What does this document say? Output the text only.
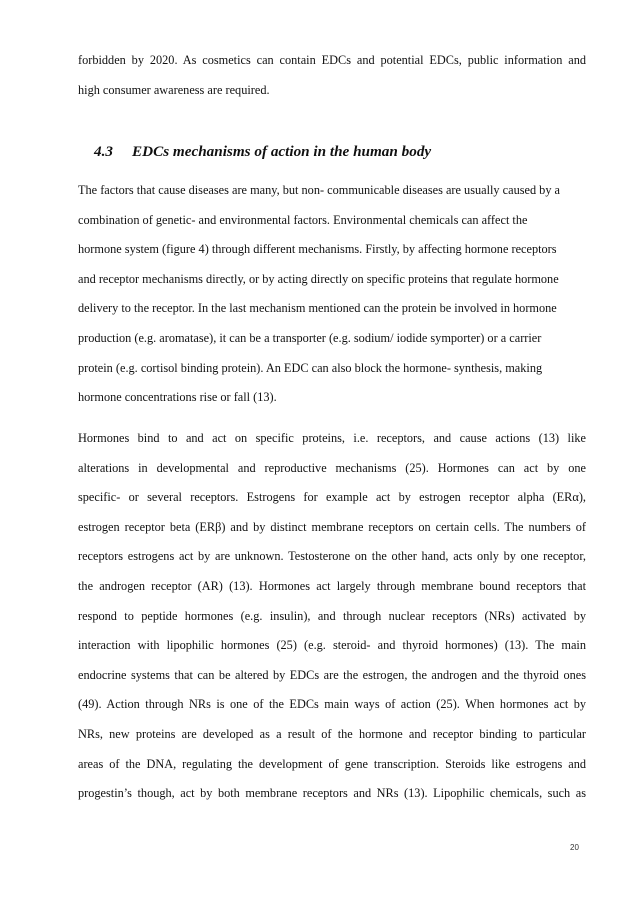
forbidden by 2020. As cosmetics can contain EDCs and potential EDCs, public information and
high consumer awareness are required.
4.3 EDCs mechanisms of action in the human body
The factors that cause diseases are many, but non- communicable diseases are usually caused by a
combination of genetic- and environmental factors. Environmental chemicals can affect the
hormone system (figure 4) through different mechanisms. Firstly, by affecting hormone receptors
and receptor mechanisms directly, or by acting directly on specific proteins that regulate hormone
delivery to the receptor. In the last mechanism mentioned can the protein be involved in hormone
production (e.g. aromatase), it can be a transporter (e.g. sodium/ iodide symporter) or a carrier
protein (e.g. cortisol binding protein). An EDC can also block the hormone- synthesis, making
hormone concentrations rise or fall (13).
Hormones bind to and act on specific proteins, i.e. receptors, and cause actions (13) like
alterations in developmental and reproductive mechanisms (25). Hormones can act by one
specific- or several receptors. Estrogens for example act by estrogen receptor alpha (ERα),
estrogen receptor beta (ERβ) and by distinct membrane receptors on certain cells. The numbers of
receptors estrogens act by are unknown. Testosterone on the other hand, acts only by one receptor,
the androgen receptor (AR) (13). Hormones act largely through membrane bound receptors that
respond to peptide hormones (e.g. insulin), and through nuclear receptors (NRs) activated by
interaction with lipophilic hormones (25) (e.g. steroid- and thyroid hormones) (13). The main
endocrine systems that can be altered by EDCs are the estrogen, the androgen and the thyroid ones
(49). Action through NRs is one of the EDCs main ways of action (25). When hormones act by
NRs, new proteins are developed as a result of the hormone and receptor binding to particular
areas of the DNA, regulating the development of gene transcription. Steroids like estrogens and
progestin’s though, act by both membrane receptors and NRs (13). Lipophilic chemicals, such as
20
